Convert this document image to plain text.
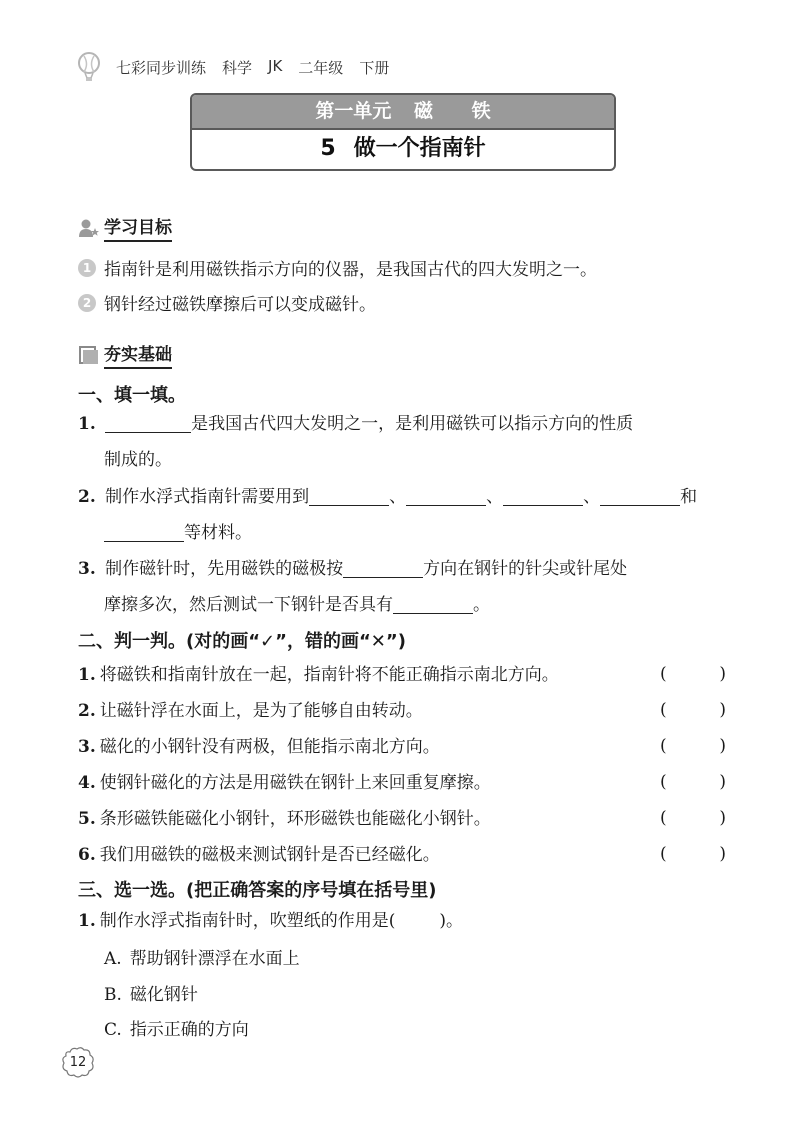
七彩同步训练 科学 JK 二年级 下册
第一单元 磁 铁
5 做一个指南针
学习目标
1 指南针是利用磁铁指示方向的仪器，是我国古代的四大发明之一。
2 钢针经过磁铁摩擦后可以变成磁针。
夯实基础
一、填一填。
1.	是我国古代四大发明之一，是利用磁铁可以指示方向的性质
制成的。
2. 制作水浮式指南针需要用到	、	、	、	和
等材料。
3. 制作磁针时，先用磁铁的磁极按	方向在钢针的针尖或针尾处
摩擦多次，然后测试一下钢针是否具有	。
二、判一判。(对的画“✓”，错的画“✕”)
1. 将磁铁和指南针放在一起，指南针将不能正确指示南北方向。	(	)
2. 让磁针浮在水面上，是为了能够自由转动。	(	)
3. 磁化的小钢针没有两极，但能指示南北方向。	(	)
4. 使钢针磁化的方法是用磁铁在钢针上来回重复摩擦。	(	)
5. 条形磁铁能磁化小钢针，环形磁铁也能磁化小钢针。	(	)
6. 我们用磁铁的磁极来测试钢针是否已经磁化。	(	)
三、选一选。(把正确答案的序号填在括号里)
1. 制作水浮式指南针时，吹塑纸的作用是(	)。
A. 帮助钢针漂浮在水面上
B. 磁化钢针
C. 指示正确的方向
12
